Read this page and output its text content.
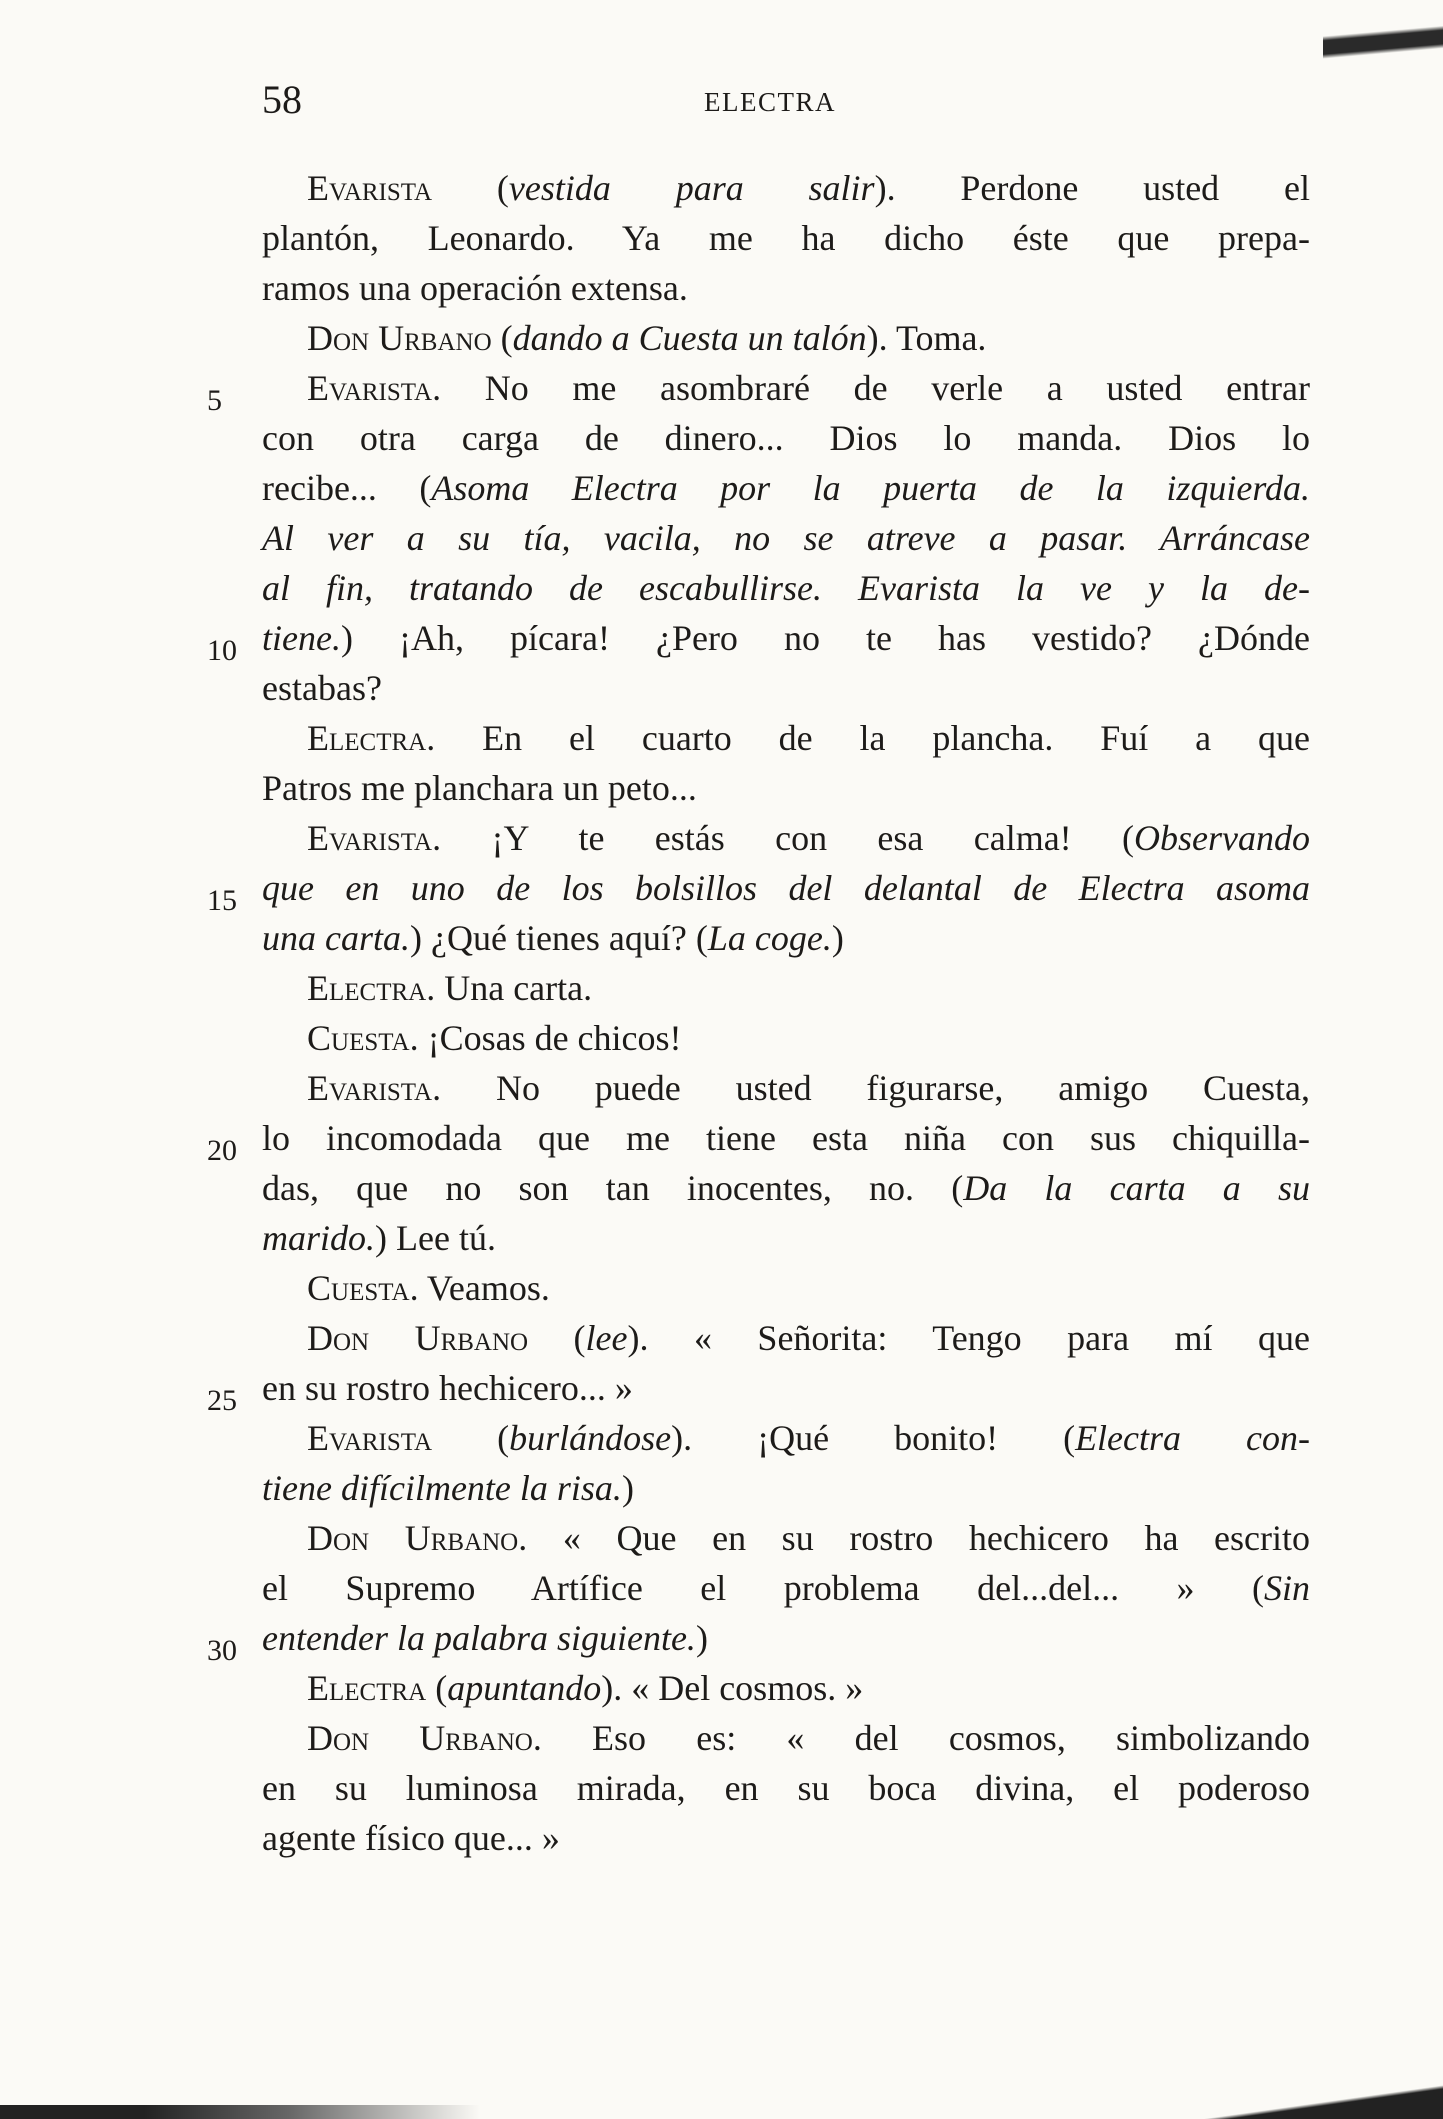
58	ELECTRA
5
10
15
20
25
30
Evarista (vestida para salir). Perdone usted el
plantón, Leonardo. Ya me ha dicho éste que prepa-
ramos una operación extensa.
Don Urbano (dando a Cuesta un talón). Toma.
Evarista. No me asombraré de verle a usted entrar
con otra carga de dinero... Dios lo manda. Dios lo
recibe... (Asoma Electra por la puerta de la izquierda.
Al ver a su tía, vacila, no se atreve a pasar. Arráncase
al fin, tratando de escabullirse. Evarista la ve y la de-
tiene.) ¡Ah, pícara! ¿Pero no te has vestido? ¿Dónde
estabas?
Electra. En el cuarto de la plancha. Fuí a que
Patros me planchara un peto...
Evarista. ¡Y te estás con esa calma! (Observando
que en uno de los bolsillos del delantal de Electra asoma
una carta.) ¿Qué tienes aquí? (La coge.)
Electra. Una carta.
Cuesta. ¡Cosas de chicos!
Evarista. No puede usted figurarse, amigo Cuesta,
lo incomodada que me tiene esta niña con sus chiquilla-
das, que no son tan inocentes, no. (Da la carta a su
marido.) Lee tú.
Cuesta. Veamos.
Don Urbano (lee). « Señorita: Tengo para mí que
en su rostro hechicero... »
Evarista (burlándose). ¡Qué bonito! (Electra con-
tiene difícilmente la risa.)
Don Urbano. « Que en su rostro hechicero ha escrito
el Supremo Artífice el problema del...del... » (Sin
entender la palabra siguiente.)
Electra (apuntando). « Del cosmos. »
Don Urbano. Eso es: « del cosmos, simbolizando
en su luminosa mirada, en su boca divina, el poderoso
agente físico que... »
